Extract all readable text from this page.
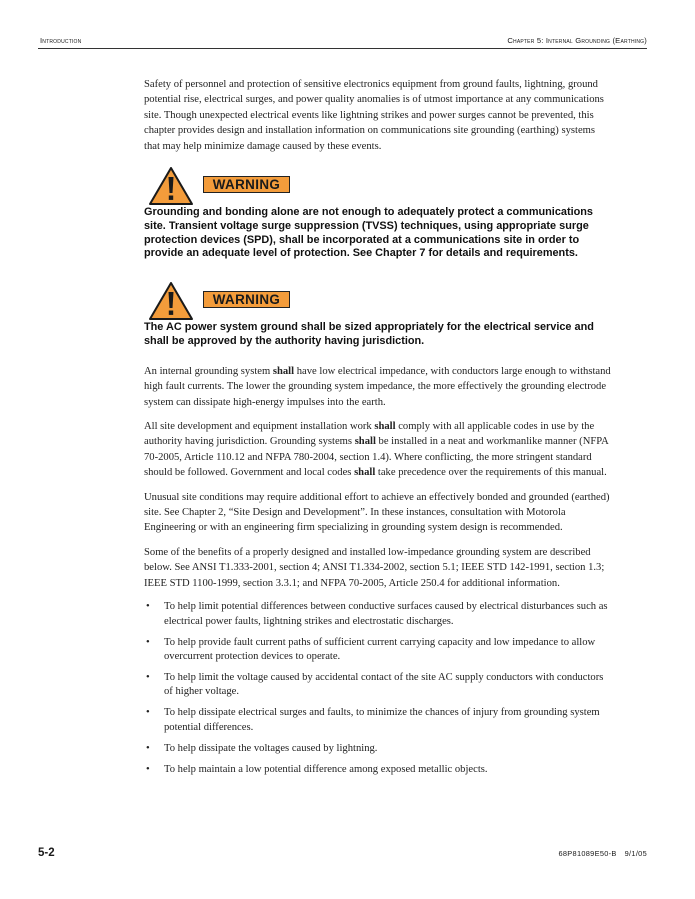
Introduction	Chapter 5: Internal Grounding (Earthing)

Safety of personnel and protection of sensitive electronics equipment from ground faults, lightning, ground potential rise, electrical surges, and power quality anomalies is of utmost importance at any communications site. Though unexpected electrical events like lightning strikes and power surges cannot be prevented, this chapter provides design and installation information on communications site grounding (earthing) systems that may help minimize damage caused by these events.

WARNING

Grounding and bonding alone are not enough to adequately protect a communications site. Transient voltage surge suppression (TVSS) techniques, using appropriate surge protection devices (SPD), shall be incorporated at a communications site in order to provide an adequate level of protection. See Chapter 7 for details and requirements.

WARNING

The AC power system ground shall be sized appropriately for the electrical service and shall be approved by the authority having jurisdiction.

An internal grounding system shall have low electrical impedance, with conductors large enough to withstand high fault currents. The lower the grounding system impedance, the more effectively the grounding electrode system can dissipate high-energy impulses into the earth.

All site development and equipment installation work shall comply with all applicable codes in use by the authority having jurisdiction. Grounding systems shall be installed in a neat and workmanlike manner (NFPA 70-2005, Article 110.12 and NFPA 780-2004, section 1.4). Where conflicting, the more stringent standard should be followed. Government and local codes shall take precedence over the requirements of this manual.

Unusual site conditions may require additional effort to achieve an effectively bonded and grounded (earthed) site. See Chapter 2, “Site Design and Development”. In these instances, consultation with Motorola Engineering or with an engineering firm specializing in grounding system design is recommended.

Some of the benefits of a properly designed and installed low-impedance grounding system are described below. See ANSI T1.333-2001, section 4; ANSI T1.334-2002, section 5.1; IEEE STD 142-1991, section 1.3; IEEE STD 1100-1999, section 3.3.1; and NFPA 70-2005, Article 250.4 for additional information.

• To help limit potential differences between conductive surfaces caused by electrical disturbances such as electrical power faults, lightning strikes and electrostatic discharges.
• To help provide fault current paths of sufficient current carrying capacity and low impedance to allow overcurrent protection devices to operate.
• To help limit the voltage caused by accidental contact of the site AC supply conductors with conductors of higher voltage.
• To help dissipate electrical surges and faults, to minimize the chances of injury from grounding system potential differences.
• To help dissipate the voltages caused by lightning.
• To help maintain a low potential difference among exposed metallic objects.
5-2	68P81089E50-B 9/1/05
